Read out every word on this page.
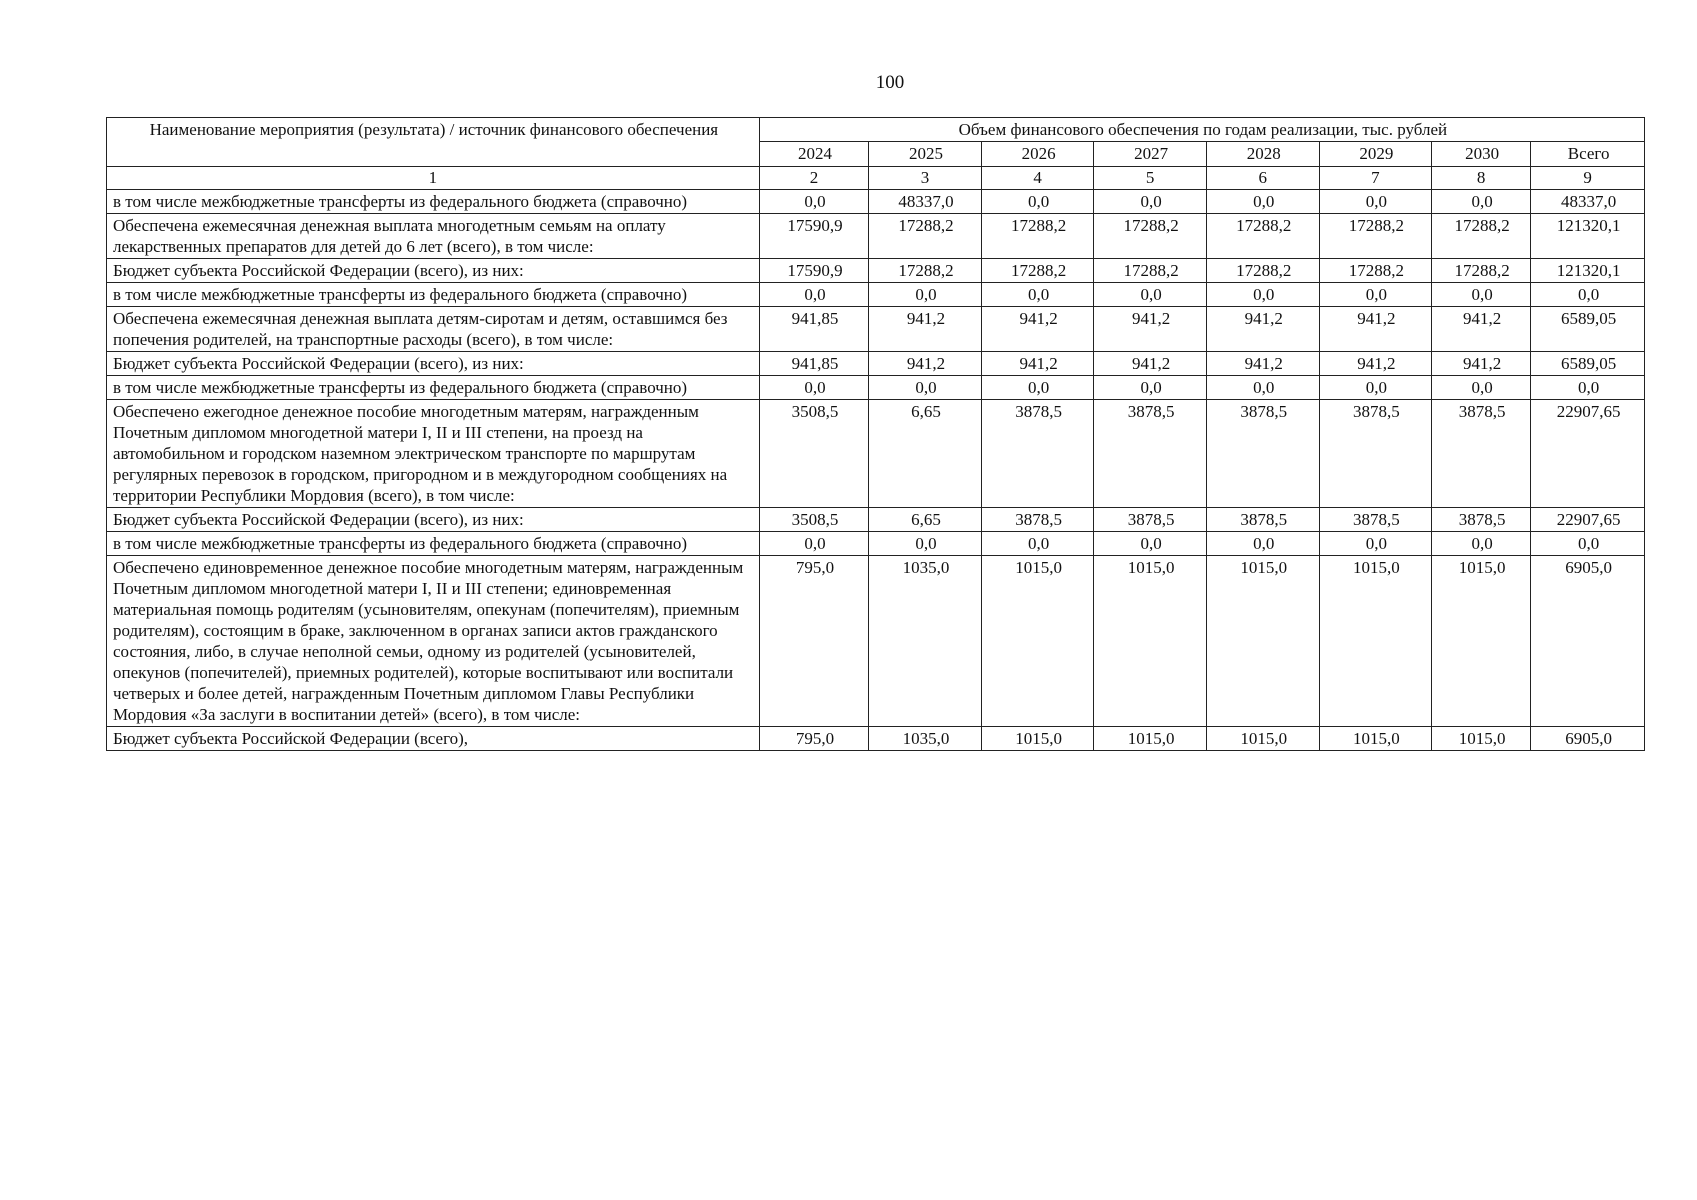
100
Наименование мероприятия (результата) / источник финансового обеспечения	Объем финансового обеспечения по годам реализации, тыс. рублей							
	2024	2025	2026	2027	2028	2029	2030	Всего
1	2	3	4	5	6	7	8	9
в том числе межбюджетные трансферты из федерального бюджета (справочно)	0,0	48337,0	0,0	0,0	0,0	0,0	0,0	48337,0
Обеспечена ежемесячная денежная выплата многодетным семьям на оплату лекарственных препаратов для детей до 6 лет (всего), в том числе:	17590,9	17288,2	17288,2	17288,2	17288,2	17288,2	17288,2	121320,1
Бюджет субъекта Российской Федерации (всего), из них:	17590,9	17288,2	17288,2	17288,2	17288,2	17288,2	17288,2	121320,1
в том числе межбюджетные трансферты из федерального бюджета (справочно)	0,0	0,0	0,0	0,0	0,0	0,0	0,0	0,0
Обеспечена ежемесячная денежная выплата детям-сиротам и детям, оставшимся без попечения родителей, на транспортные расходы (всего), в том числе:	941,85	941,2	941,2	941,2	941,2	941,2	941,2	6589,05
Бюджет субъекта Российской Федерации (всего), из них:	941,85	941,2	941,2	941,2	941,2	941,2	941,2	6589,05
в том числе межбюджетные трансферты из федерального бюджета (справочно)	0,0	0,0	0,0	0,0	0,0	0,0	0,0	0,0
Обеспечено ежегодное денежное пособие многодетным матерям, награжденным Почетным дипломом многодетной матери I, II и III степени, на проезд на автомобильном и городском наземном электрическом транспорте по маршрутам регулярных перевозок в городском, пригородном и в междугородном сообщениях на территории Республики Мордовия (всего), в том числе:	3508,5	6,65	3878,5	3878,5	3878,5	3878,5	3878,5	22907,65
Бюджет субъекта Российской Федерации (всего), из них:	3508,5	6,65	3878,5	3878,5	3878,5	3878,5	3878,5	22907,65
в том числе межбюджетные трансферты из федерального бюджета (справочно)	0,0	0,0	0,0	0,0	0,0	0,0	0,0	0,0
Обеспечено единовременное денежное пособие многодетным матерям, награжденным Почетным дипломом многодетной матери I, II и III степени; единовременная материальная помощь родителям (усыновителям, опекунам (попечителям), приемным родителям), состоящим в браке, заключенном в органах записи актов гражданского состояния, либо, в случае неполной семьи, одному из родителей (усыновителей, опекунов (попечителей), приемных родителей), которые воспитывают или воспитали четверых и более детей, награжденным Почетным дипломом Главы Республики Мордовия «За заслуги в воспитании детей» (всего), в том числе:	795,0	1035,0	1015,0	1015,0	1015,0	1015,0	1015,0	6905,0
Бюджет субъекта Российской Федерации (всего),	795,0	1035,0	1015,0	1015,0	1015,0	1015,0	1015,0	6905,0
